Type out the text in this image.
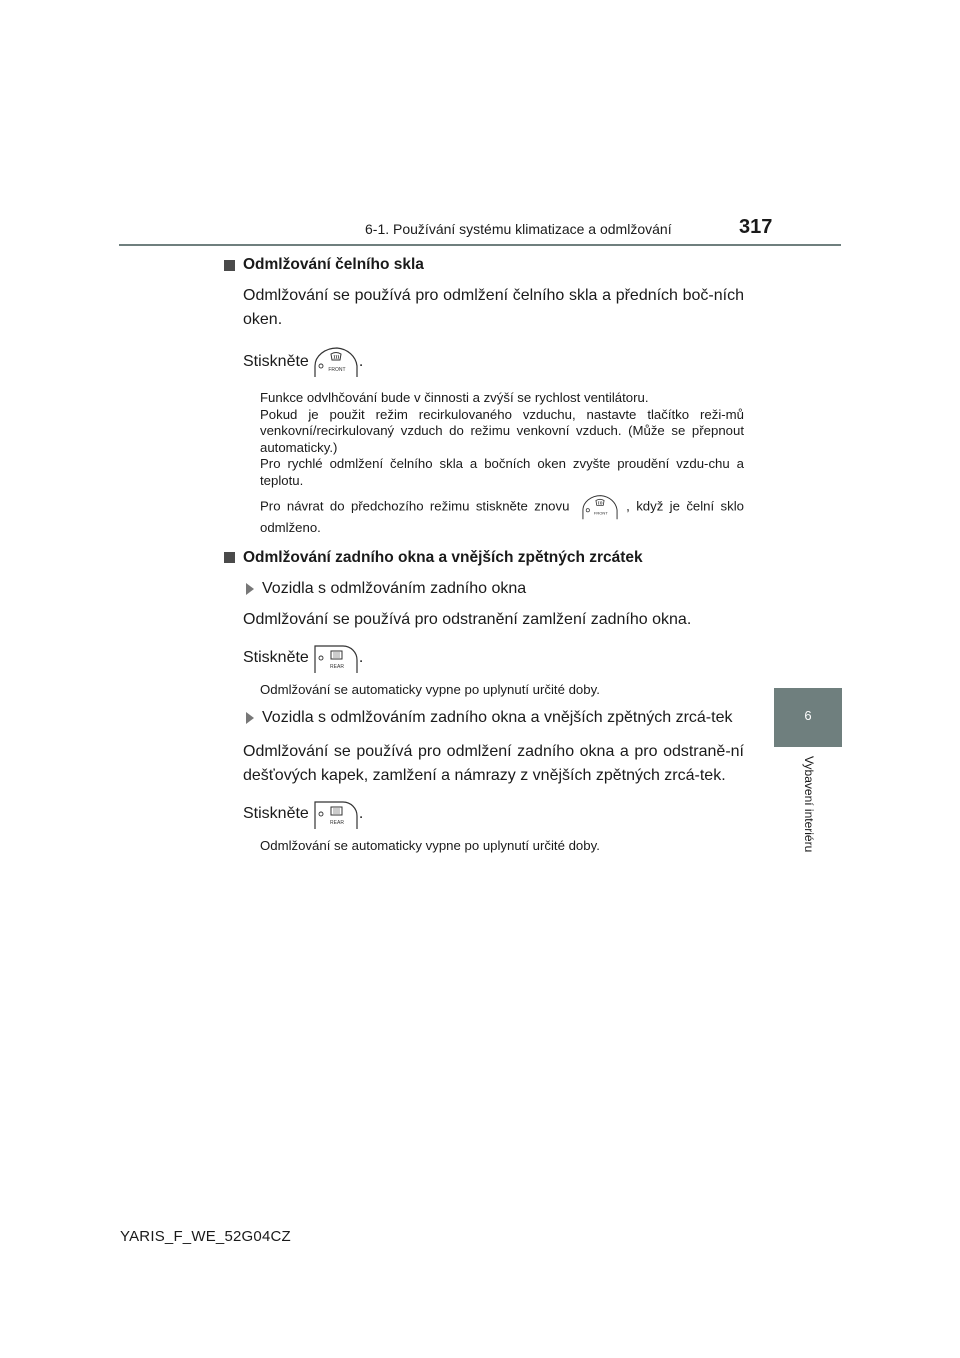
6-1. Používání systému klimatizace a odmlžování	317
6
Vybavení interiéru
Odmlžování čelního skla
Odmlžování se používá pro odmlžení čelního skla a předních boč-ních oken.
Stiskněte	FRONT .
Funkce odvlhčování bude v činnosti a zvýší se rychlost ventilátoru.
Pokud je použit režim recirkulovaného vzduchu, nastavte tlačítko reži-mů venkovní/recirkulovaný vzduch do režimu venkovní vzduch. (Může se přepnout automaticky.)
Pro rychlé odmlžení čelního skla a bočních oken zvyšte proudění vzdu-chu a teplotu.
Pro návrat do předchozího režimu stiskněte znovu	FRONT , když je čelní sklo odmlženo.
Odmlžování zadního okna a vnějších zpětných zrcátek
Vozidla s odmlžováním zadního okna
Odmlžování se používá pro odstranění zamlžení zadního okna.
Stiskněte
REAR
.
Odmlžování se automaticky vypne po uplynutí určité doby.
Vozidla s odmlžováním zadního okna a vnějších zpětných zrcá-tek
Odmlžování se používá pro odmlžení zadního okna a pro odstraně-ní dešťových kapek, zamlžení a námrazy z vnějších zpětných zrcá-tek.
Stiskněte
REAR
.
Odmlžování se automaticky vypne po uplynutí určité doby.
YARIS_F_WE_52G04CZ
